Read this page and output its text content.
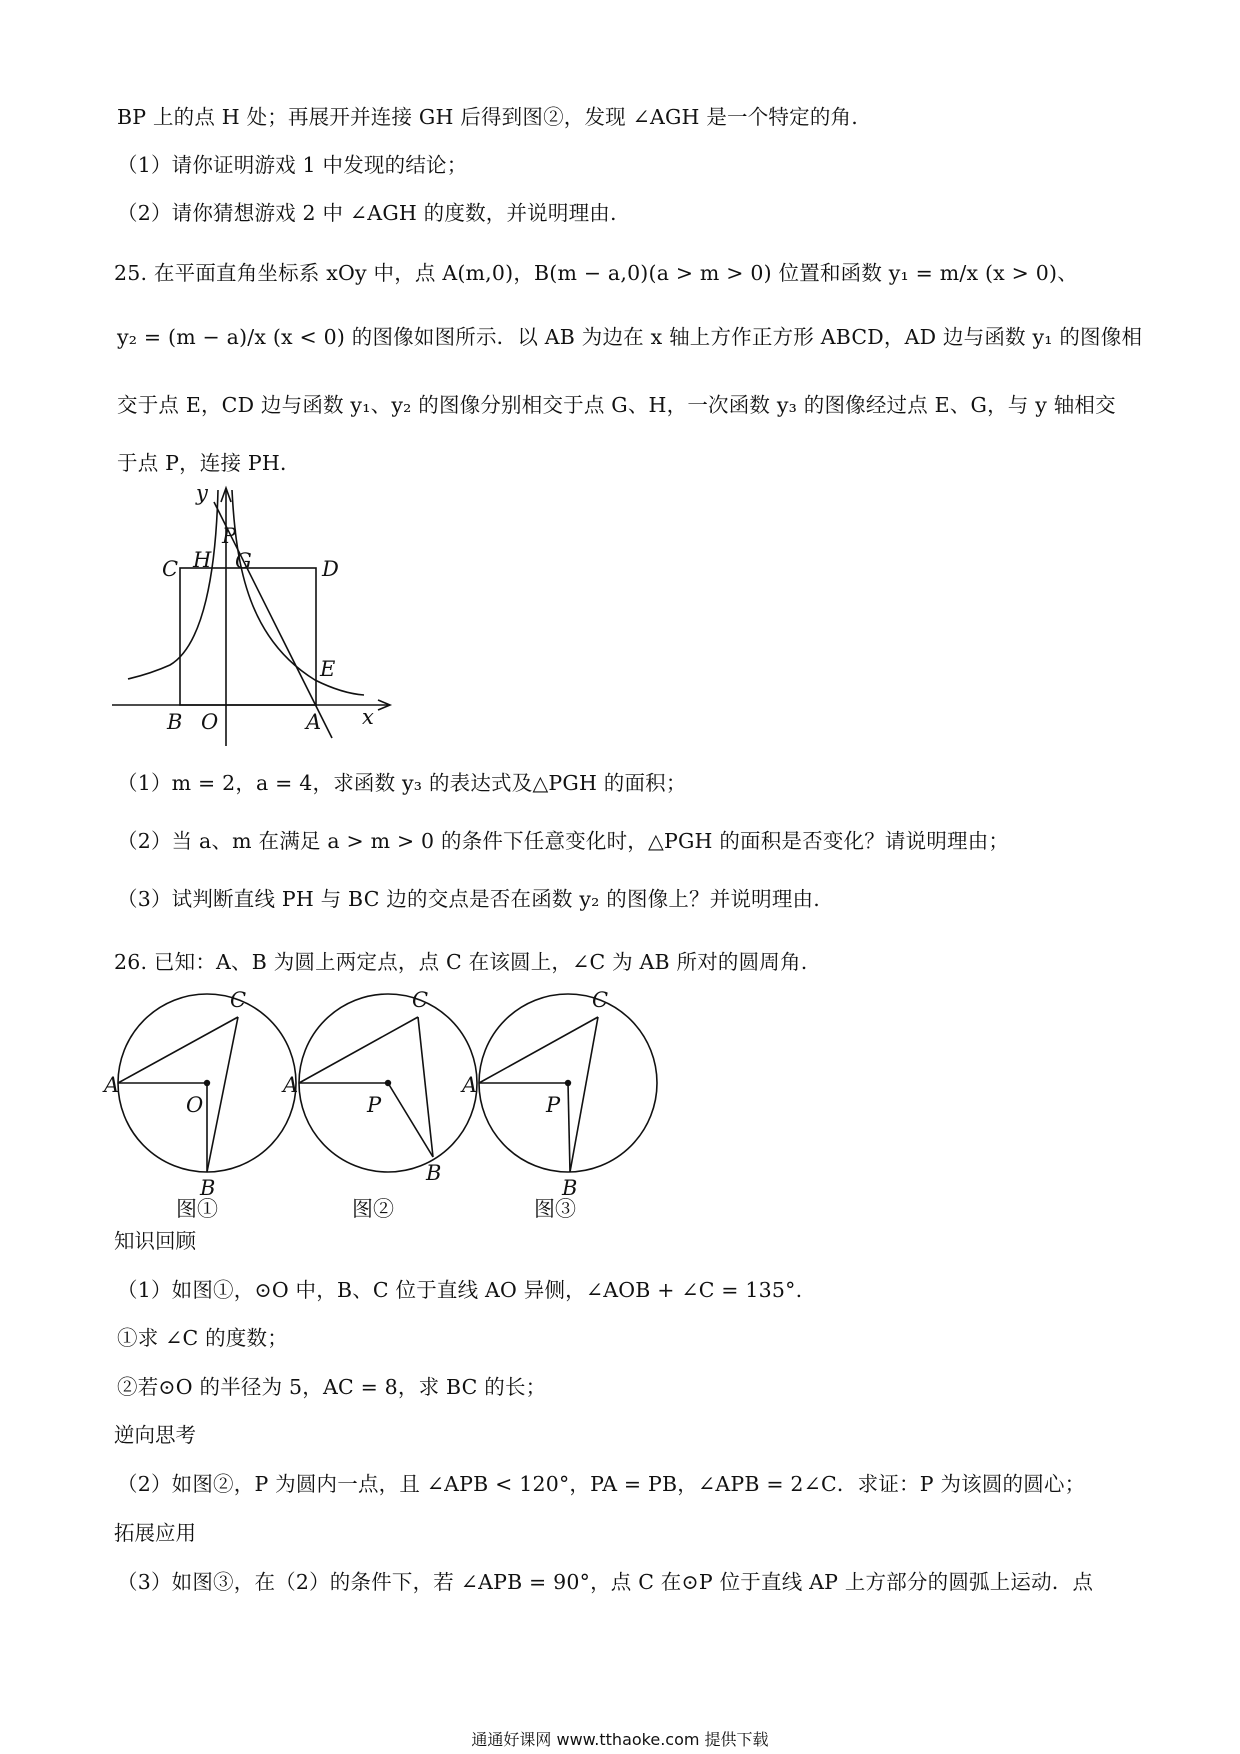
BP 上的点 H 处；再展开并连接 GH 后得到图②，发现 ∠AGH 是一个特定的角.
（1）请你证明游戏 1 中发现的结论；
（2）请你猜想游戏 2 中 ∠AGH 的度数，并说明理由.
25. 在平面直角坐标系 xOy 中，点 A(m,0)，B(m − a,0)(a > m > 0) 位置和函数 y₁ = m/x (x > 0)、
y₂ = (m − a)/x (x < 0) 的图像如图所示．以 AB 为边在 x 轴上方作正方形 ABCD，AD 边与函数 y₁ 的图像相
交于点 E，CD 边与函数 y₁、y₂ 的图像分别相交于点 G、H，一次函数 y₃ 的图像经过点 E、G，与 y 轴相交
于点 P，连接 PH．
y
x
P
C H G	D
E
B O	A
（1）m = 2，a = 4，求函数 y₃ 的表达式及△PGH 的面积；
（2）当 a、m 在满足 a > m > 0 的条件下任意变化时，△PGH 的面积是否变化？请说明理由；
（3）试判断直线 PH 与 BC 边的交点是否在函数 y₂ 的图像上？并说明理由.
26. 已知：A、B 为圆上两定点，点 C 在该圆上，∠C 为 AB 所对的圆周角.
C
A
O
B
图①
C
A
P
B
图②
C
A
P
B
图③
知识回顾
（1）如图①，⊙O 中，B、C 位于直线 AO 异侧，∠AOB + ∠C = 135°.
①求 ∠C 的度数；
②若⊙O 的半径为 5，AC = 8，求 BC 的长；
逆向思考
（2）如图②，P 为圆内一点，且 ∠APB < 120°，PA = PB，∠APB = 2∠C．求证：P 为该圆的圆心；
拓展应用
（3）如图③，在（2）的条件下，若 ∠APB = 90°，点 C 在⊙P 位于直线 AP 上方部分的圆弧上运动．点
通通好课网 www.tthaoke.com 提供下载
